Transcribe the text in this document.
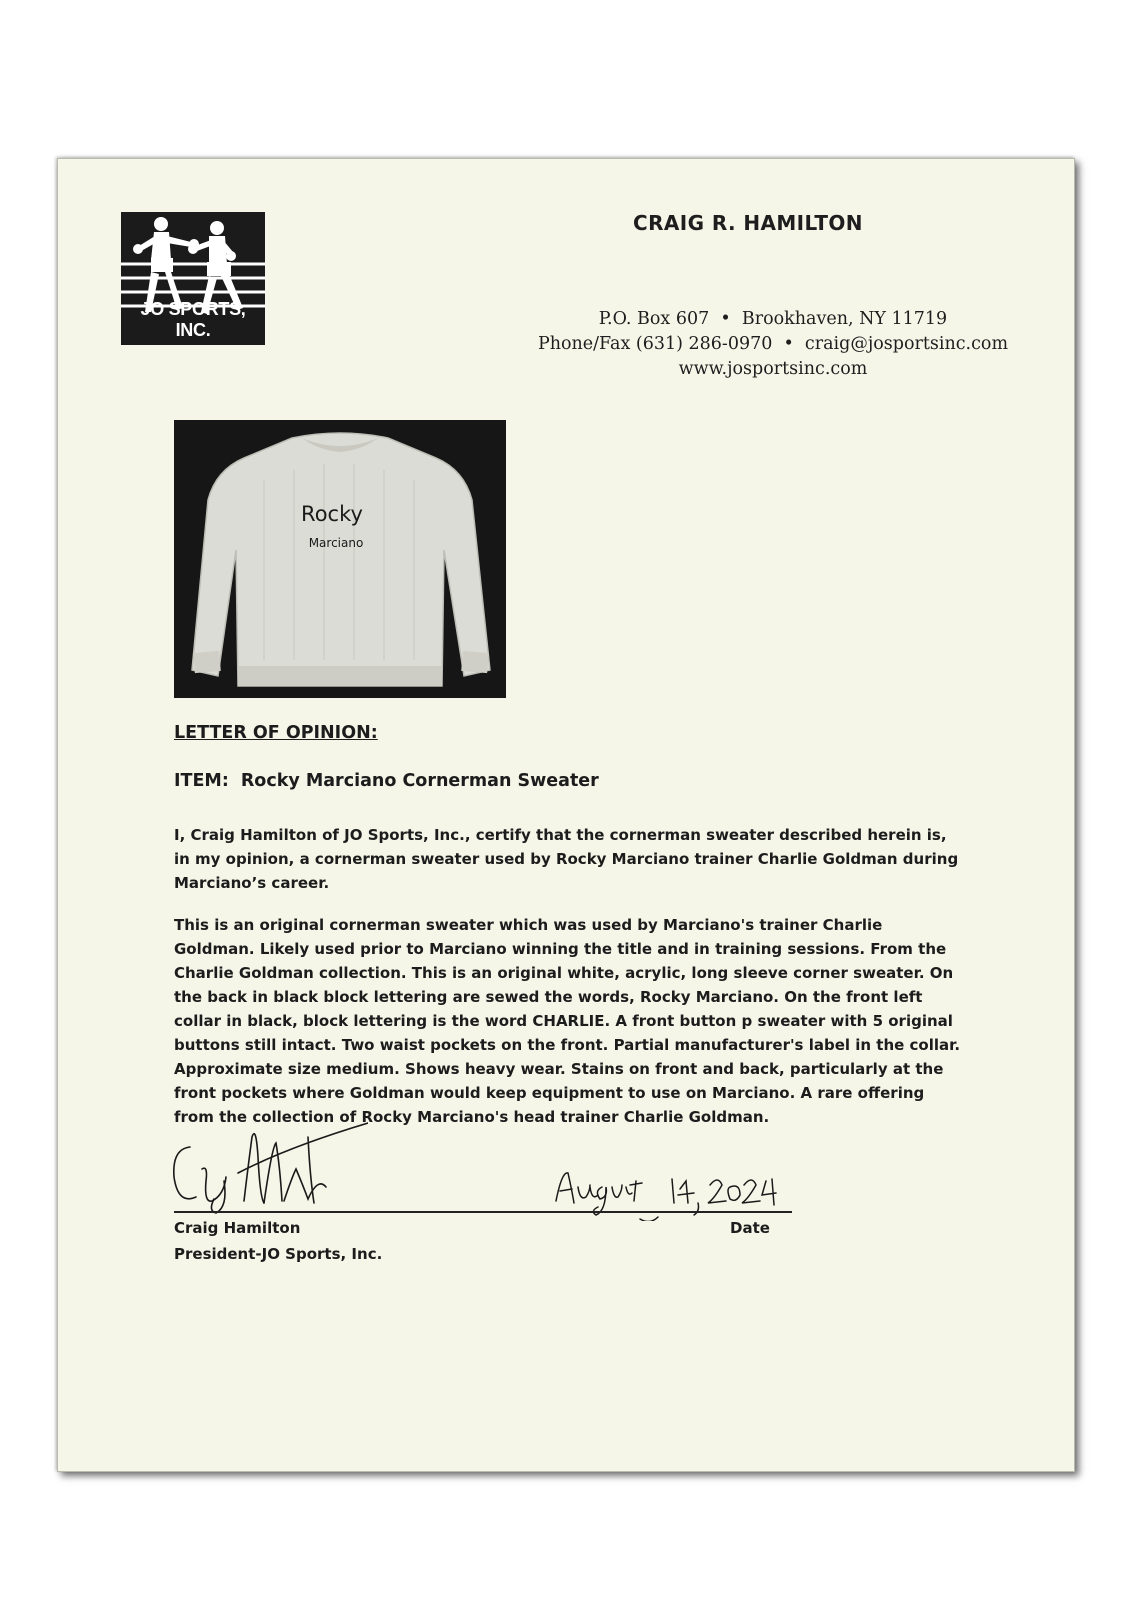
JO SPORTS, INC.
CRAIG R. HAMILTON
P.O. Box 607  •  Brookhaven, NY 11719
Phone/Fax (631) 286-0970  •  craig@josportsinc.com
www.josportsinc.com
Rocky
Marciano
LETTER OF OPINION:
ITEM: Rocky Marciano Cornerman Sweater
I, Craig Hamilton of JO Sports, Inc., certify that the cornerman sweater described herein is, in my opinion, a cornerman sweater used by Rocky Marciano trainer Charlie Goldman during Marciano’s career.
This is an original cornerman sweater which was used by Marciano's trainer Charlie Goldman. Likely used prior to Marciano winning the title and in training sessions. From the Charlie Goldman collection. This is an original white, acrylic, long sleeve corner sweater. On the back in black block lettering are sewed the words, Rocky Marciano. On the front left collar in black, block lettering is the word CHARLIE. A front button p sweater with 5 original buttons still intact. Two waist pockets on the front. Partial manufacturer's label in the collar. Approximate size medium. Shows heavy wear. Stains on front and back, particularly at the front pockets where Goldman would keep equipment to use on Marciano. A rare offering from the collection of Rocky Marciano's head trainer Charlie Goldman.
Craig Hamilton
President-JO Sports, Inc.
Date
